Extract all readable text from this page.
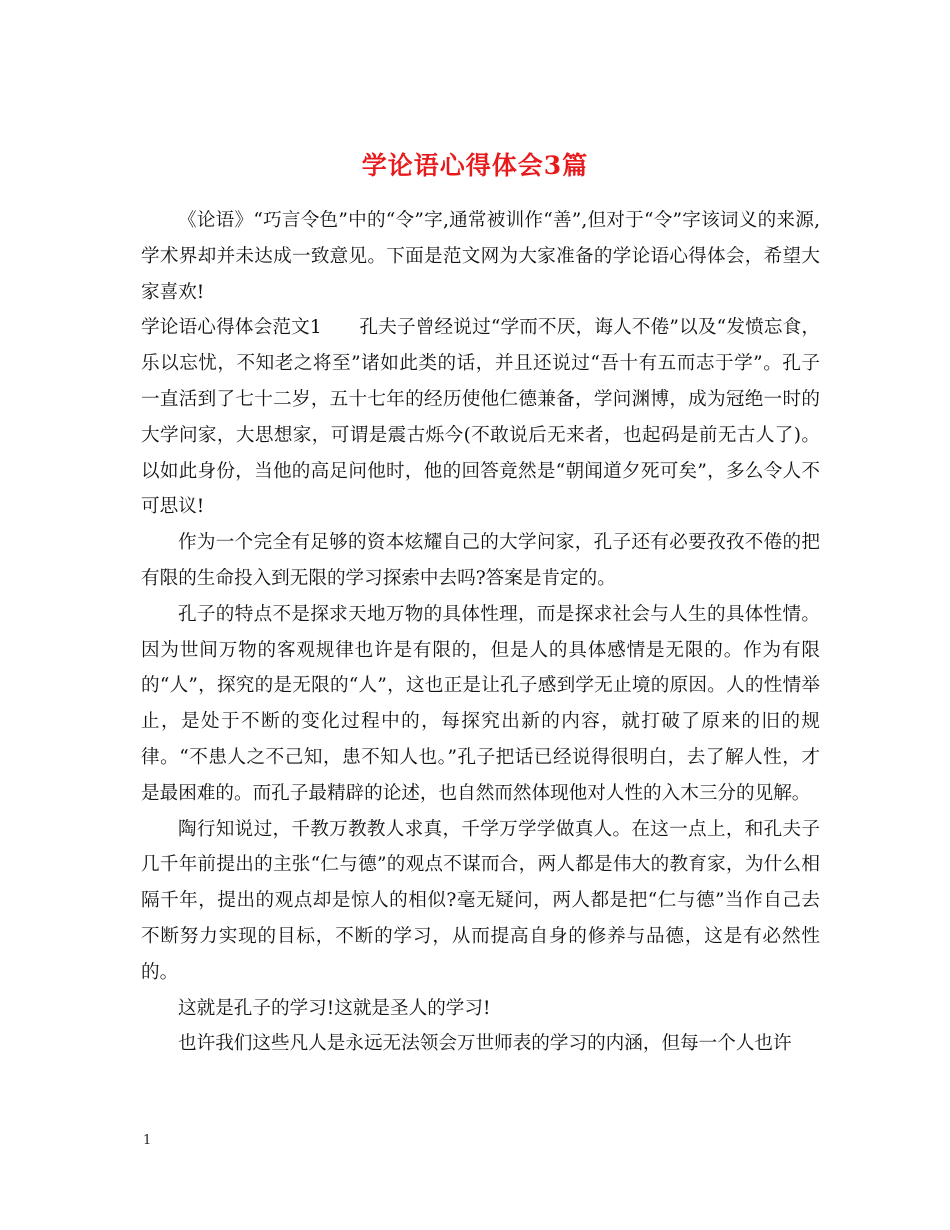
学论语心得体会3篇

《论语》“巧言令色”中的“令”字,通常被训作“善”,但对于“令”字该词义的来源,学术界却并未达成一致意见。下面是范文网为大家准备的学论语心得体会，希望大家喜欢!

学论语心得体会范文1　　孔夫子曾经说过“学而不厌，诲人不倦”以及“发愤忘食，乐以忘忧，不知老之将至”诸如此类的话，并且还说过“吾十有五而志于学”。孔子一直活到了七十二岁，五十七年的经历使他仁德兼备，学问渊博，成为冠绝一时的大学问家，大思想家，可谓是震古烁今(不敢说后无来者，也起码是前无古人了)。以如此身份，当他的高足问他时，他的回答竟然是“朝闻道夕死可矣”，多么令人不可思议!

作为一个完全有足够的资本炫耀自己的大学问家，孔子还有必要孜孜不倦的把有限的生命投入到无限的学习探索中去吗?答案是肯定的。

孔子的特点不是探求天地万物的具体性理，而是探求社会与人生的具体性情。 因为世间万物的客观规律也许是有限的，但是人的具体感情是无限的。作为有限的“人”，探究的是无限的“人”，这也正是让孔子感到学无止境的原因。人的性情举止，是处于不断的变化过程中的，每探究出新的内容，就打破了原来的旧的规律。“不患人之不己知，患不知人也。”孔子把话已经说得很明白，去了解人性，才是最困难的。而孔子最精辟的论述，也自然而然体现他对人性的入木三分的见解。

陶行知说过，千教万教教人求真，千学万学学做真人。在这一点上，和孔夫子几千年前提出的主张“仁与德”的观点不谋而合，两人都是伟大的教育家，为什么相隔千年，提出的观点却是惊人的相似?毫无疑问，两人都是把“仁与德”当作自己去不断努力实现的目标，不断的学习，从而提高自身的修养与品德，这是有必然性的。

这就是孔子的学习!这就是圣人的学习!

也许我们这些凡人是永远无法领会万世师表的学习的内涵，但每一个人也许

1
